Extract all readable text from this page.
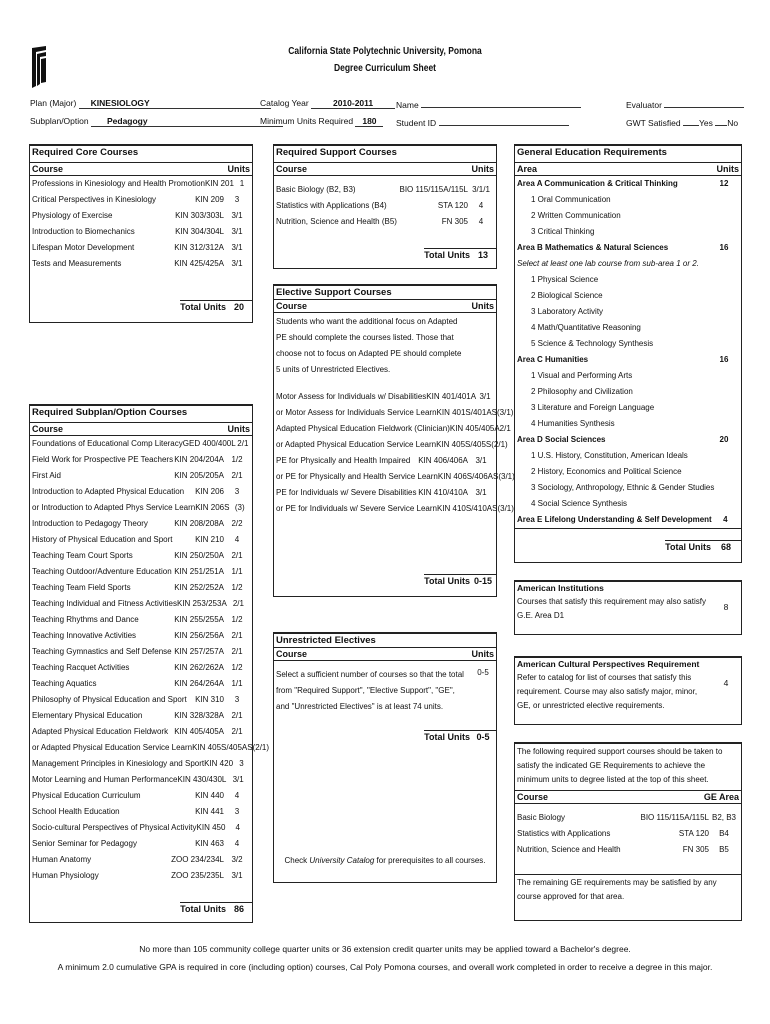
California State Polytechnic University, Pomona
Degree Curriculum Sheet
Plan (Major) KINESIOLOGY
Subplan/Option Pedagogy
Catalog Year	2010-2011
Minimum Units Required 180
Name
Student ID
Evaluator
GWT Satisfied Yes No
Required Core Courses
Course	Units
Professions in Kinesiology and Health Promotion KIN 201 1
Critical Perspectives in Kinesiology	KIN 209	3
Physiology of Exercise	KIN 303/303L 3/1
Introduction to Biomechanics	KIN 304/304L 3/1
Lifespan Motor Development	KIN 312/312A 3/1
Tests and Measurements	KIN 425/425A 3/1
Total Units 20
Required Subplan/Option Courses
Course	Units
Foundations of Educational Comp Literacy GED 400/400L 2/1
Field Work for Prospective PE Teachers KIN 204/204A 1/2
First Aid	KIN 205/205A 2/1
Introduction to Adapted Physical Education	KIN 206	3
or Introduction to Adapted Phys Service Learn KIN 206S (3)
Introduction to Pedagogy Theory	KIN 208/208A 2/2
History of Physical Education and Sport	KIN 210	4
Teaching Team Court Sports	KIN 250/250A 2/1
Teaching Outdoor/Adventure Education KIN 251/251A 1/1
Teaching Team Field Sports	KIN 252/252A 1/2
Teaching Individual and Fitness Activities KIN 253/253A 2/1
Teaching Rhythms and Dance	KIN 255/255A 1/2
Teaching Innovative Activities	KIN 256/256A 2/1
Teaching Gymnastics and Self Defense KIN 257/257A 2/1
Teaching Racquet Activities	KIN 262/262A 1/2
Teaching Aquatics	KIN 264/264A 1/1
Philosophy of Physical Education and Sport	KIN 310	3
Elementary Physical Education	KIN 328/328A 2/1
Adapted Physical Education Fieldwork KIN 405/405A 2/1
or Adapted Physical Education Service Learn KIN 405S/405AS (2/1)
Management Principles in Kinesiology and Sport KIN 420 3
Motor Learning and Human Performance KIN 430/430L 3/1
Physical Education Curriculum	KIN 440	4
School Health Education	KIN 441	3
Socio-cultural Perspectives of Physical Activity KIN 450	4
Senior Seminar for Pedagogy	KIN 463	4
Human Anatomy	ZOO 234/234L 3/2
Human Physiology	ZOO 235/235L 3/1
Total Units 86
Required Support Courses
Course	Units
Basic Biology (B2, B3)	BIO 115/115A/115L 3/1/1
Statistics with Applications (B4)	STA 120	4
Nutrition, Science and Health (B5)	FN 305	4
Total Units 13
Elective Support Courses
Course	Units
Students who want the additional focus on Adapted PE should complete the courses listed. Those that choose not to focus on Adapted PE should complete 5 units of Unrestricted Electives.
Motor Assess for Individuals w/ Disabilities KIN 401/401A 3/1
or Motor Assess for Individuals Service Learn KIN 401S/401AS (3/1)
Adapted Physical Education Fieldwork (Clinician) KIN 405/405A 2/1
or Adapted Physical Education Service Learn KIN 405S/405S (2/1)
PE for Physically and Health Impaired KIN 406/406A 3/1
or PE for Physically and Health Service Learn KIN 406S/406AS (3/1)
PE for Individuals w/ Severe Disabilities KIN 410/410A 3/1
or PE for Individuals w/ Severe Service Learn KIN 410S/410AS (3/1)
Total Units 0-15
Unrestricted Electives
Course	Units
Select a sufficient number of courses so that the total from "Required Support", "Elective Support", "GE", and "Unrestricted Electives" is at least 74 units.
0-5
Total Units 0-5
Check University Catalog for prerequisites to all courses.
General Education Requirements
Area	Units
Area A Communication & Critical Thinking	12
1 Oral Communication
2 Written Communication
3 Critical Thinking
Area B Mathematics & Natural Sciences	16
Select at least one lab course from sub-area 1 or 2.
1 Physical Science
2 Biological Science
3 Laboratory Activity
4 Math/Quantitative Reasoning
5 Science & Technology Synthesis
Area C Humanities	16
1 Visual and Performing Arts
2 Philosophy and Civilization
3 Literature and Foreign Language
4 Humanities Synthesis
Area D Social Sciences	20
1 U.S. History, Constitution, American Ideals
2 History, Economics and Political Science
3 Sociology, Anthropology, Ethnic & Gender Studies
4 Social Science Synthesis
Area E Lifelong Understanding & Self Development	4
Total Units	68
American Institutions
Courses that satisfy this requirement may also satisfy G.E. Area D1
8
American Cultural Perspectives Requirement
Refer to catalog for list of courses that satisfy this requirement. Course may also satisfy major, minor, GE, or unrestricted elective requirements.
4
The following required support courses should be taken to satisfy the indicated GE Requirements to achieve the minimum units to degree listed at the top of this sheet.
Course	GE Area
Basic Biology	BIO 115/115A/115L B2, B3
Statistics with Applications	STA 120	B4
Nutrition, Science and Health	FN 305	B5
The remaining GE requirements may be satisfied by any course approved for that area.
No more than 105 community college quarter units or 36 extension credit quarter units may be applied toward a Bachelor's degree.
A minimum 2.0 cumulative GPA is required in core (including option) courses, Cal Poly Pomona courses, and overall work completed in order to receive a degree in this major.
